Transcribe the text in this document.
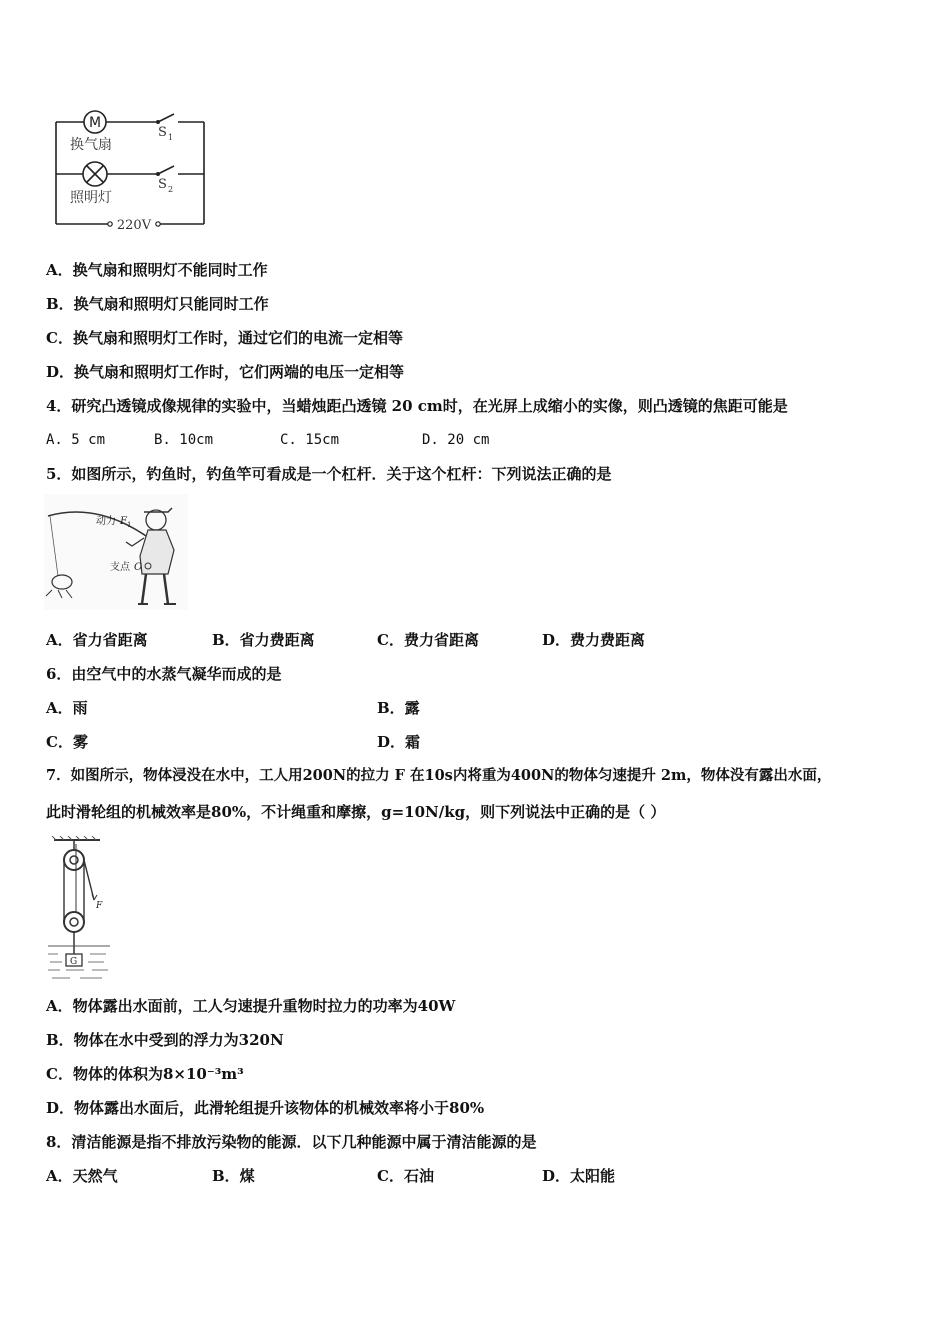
M
换气扇
照明灯
S 1
S 2
220V
A．换气扇和照明灯不能同时工作
B．换气扇和照明灯只能同时工作
C．换气扇和照明灯工作时，通过它们的电流一定相等
D．换气扇和照明灯工作时，它们两端的电压一定相等
4．研究凸透镜成像规律的实验中，当蜡烛距凸透镜 20 cm时，在光屏上成缩小的实像，则凸透镜的焦距可能是
A. 5 cm	B. 10cm	C. 15cm	D. 20 cm
5．如图所示，钓鱼时，钓鱼竿可看成是一个杠杆．关于这个杠杆：下列说法正确的是
动力 F 1
支点 O
A．省力省距离	B．省力费距离	C．费力省距离	D．费力费距离
6．由空气中的水蒸气凝华而成的是
A．雨	B．露
C．雾	D．霜
7．如图所示，物体浸没在水中，工人用200N的拉力 F 在10s内将重为400N的物体匀速提升 2m，物体没有露出水面，
此时滑轮组的机械效率是80%，不计绳重和摩擦，g=10N/kg，则下列说法中正确的是（ ）
F
G
A．物体露出水面前，工人匀速提升重物时拉力的功率为40W
B．物体在水中受到的浮力为320N
C．物体的体积为8×10⁻³m³
D．物体露出水面后，此滑轮组提升该物体的机械效率将小于80%
8．清洁能源是指不排放污染物的能源．以下几种能源中属于清洁能源的是
A．天然气	B．煤	C．石油	D．太阳能
